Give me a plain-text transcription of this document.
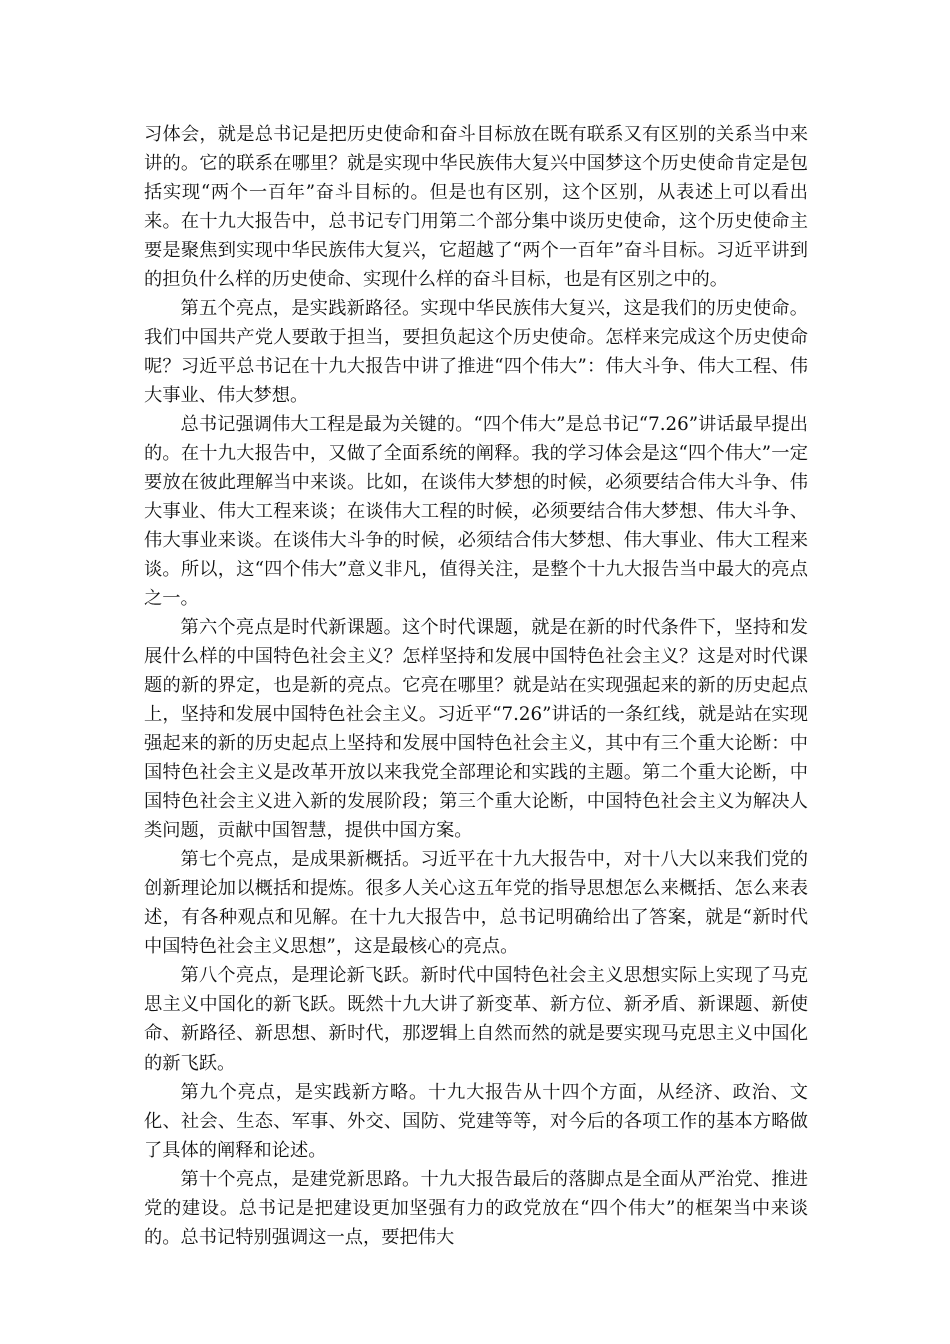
习体会，就是总书记是把历史使命和奋斗目标放在既有联系又有区别的关系当中来讲的。它的联系在哪里？就是实现中华民族伟大复兴中国梦这个历史使命肯定是包括实现“两个一百年”奋斗目标的。但是也有区别，这个区别，从表述上可以看出来。在十九大报告中，总书记专门用第二个部分集中谈历史使命，这个历史使命主要是聚焦到实现中华民族伟大复兴，它超越了“两个一百年”奋斗目标。习近平讲到的担负什么样的历史使命、实现什么样的奋斗目标，也是有区别之中的。

第五个亮点，是实践新路径。实现中华民族伟大复兴，这是我们的历史使命。我们中国共产党人要敢于担当，要担负起这个历史使命。怎样来完成这个历史使命呢？习近平总书记在十九大报告中讲了推进“四个伟大”：伟大斗争、伟大工程、伟大事业、伟大梦想。

总书记强调伟大工程是最为关键的。“四个伟大”是总书记“7.26”讲话最早提出的。在十九大报告中，又做了全面系统的阐释。我的学习体会是这“四个伟大”一定要放在彼此理解当中来谈。比如，在谈伟大梦想的时候，必须要结合伟大斗争、伟大事业、伟大工程来谈；在谈伟大工程的时候，必须要结合伟大梦想、伟大斗争、伟大事业来谈。在谈伟大斗争的时候，必须结合伟大梦想、伟大事业、伟大工程来谈。所以，这“四个伟大”意义非凡，值得关注，是整个十九大报告当中最大的亮点之一。

第六个亮点是时代新课题。这个时代课题，就是在新的时代条件下，坚持和发展什么样的中国特色社会主义？怎样坚持和发展中国特色社会主义？这是对时代课题的新的界定，也是新的亮点。它亮在哪里？就是站在实现强起来的新的历史起点上，坚持和发展中国特色社会主义。习近平“7.26”讲话的一条红线，就是站在实现强起来的新的历史起点上坚持和发展中国特色社会主义，其中有三个重大论断：中国特色社会主义是改革开放以来我党全部理论和实践的主题。第二个重大论断，中国特色社会主义进入新的发展阶段；第三个重大论断，中国特色社会主义为解决人类问题，贡献中国智慧，提供中国方案。

第七个亮点，是成果新概括。习近平在十九大报告中，对十八大以来我们党的创新理论加以概括和提炼。很多人关心这五年党的指导思想怎么来概括、怎么来表述，有各种观点和见解。在十九大报告中，总书记明确给出了答案，就是“新时代中国特色社会主义思想”，这是最核心的亮点。

第八个亮点，是理论新飞跃。新时代中国特色社会主义思想实际上实现了马克思主义中国化的新飞跃。既然十九大讲了新变革、新方位、新矛盾、新课题、新使命、新路径、新思想、新时代，那逻辑上自然而然的就是要实现马克思主义中国化的新飞跃。

第九个亮点，是实践新方略。十九大报告从十四个方面，从经济、政治、文化、社会、生态、军事、外交、国防、党建等等，对今后的各项工作的基本方略做了具体的阐释和论述。

第十个亮点，是建党新思路。十九大报告最后的落脚点是全面从严治党、推进党的建设。总书记是把建设更加坚强有力的政党放在“四个伟大”的框架当中来谈的。总书记特别强调这一点，要把伟大
